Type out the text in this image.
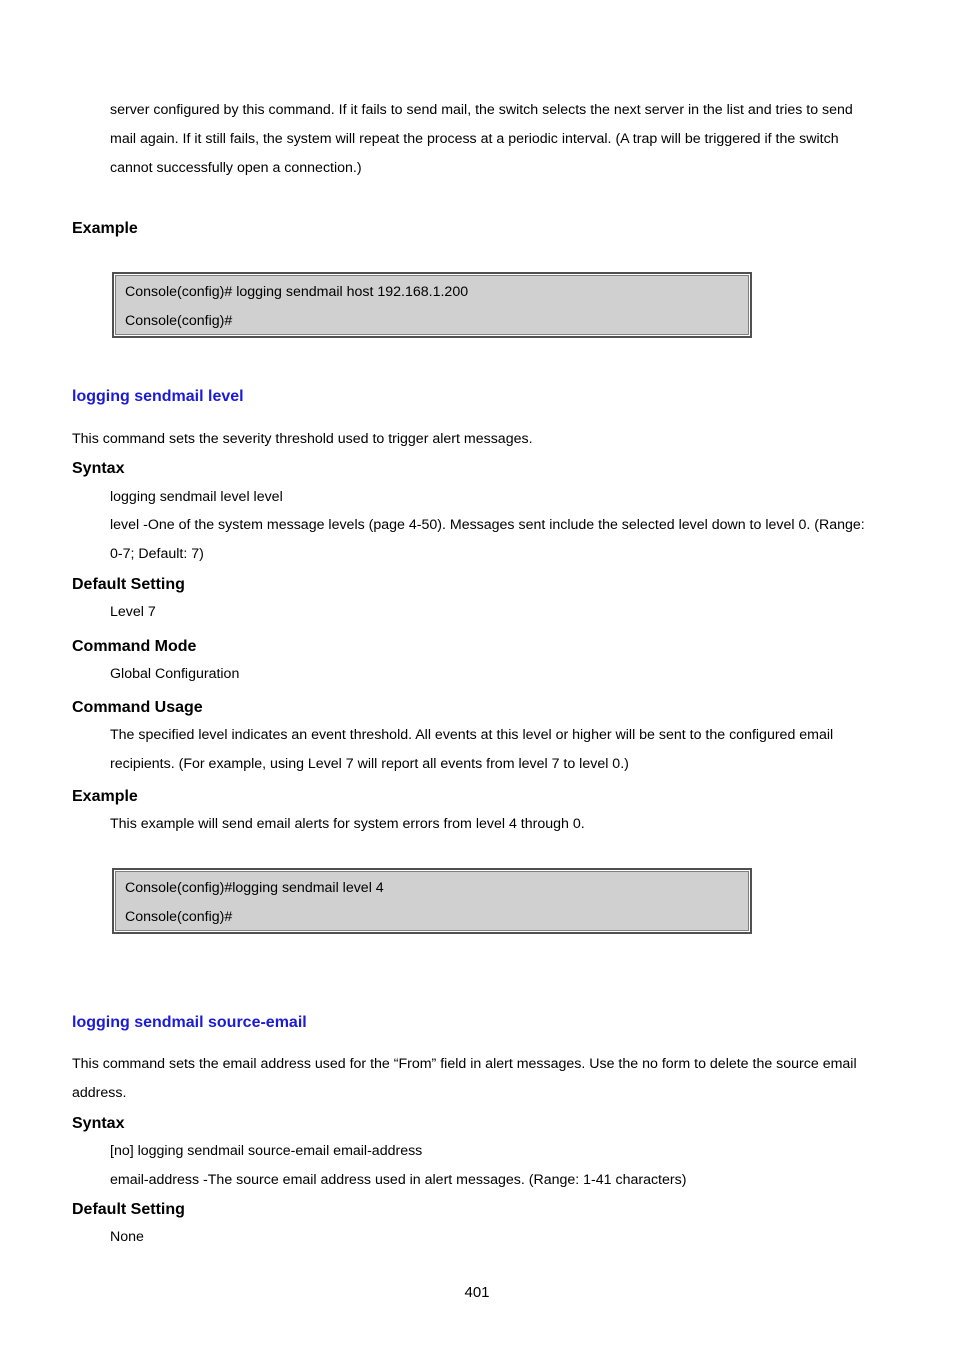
server configured by this command. If it fails to send mail, the switch selects the next server in the list and tries to send
mail again. If it still fails, the system will repeat the process at a periodic interval. (A trap will be triggered if the switch
cannot successfully open a connection.)
Example
Console(config)# logging sendmail host 192.168.1.200
Console(config)#
logging sendmail level
This command sets the severity threshold used to trigger alert messages.
Syntax
logging sendmail level level
level -One of the system message levels (page 4-50). Messages sent include the selected level down to level 0. (Range:
0-7; Default: 7)
Default Setting
Level 7
Command Mode
Global Configuration
Command Usage
The specified level indicates an event threshold. All events at this level or higher will be sent to the configured email
recipients. (For example, using Level 7 will report all events from level 7 to level 0.)
Example
This example will send email alerts for system errors from level 4 through 0.
Console(config)#logging sendmail level 4
Console(config)#
logging sendmail source-email
This command sets the email address used for the “From” field in alert messages. Use the no form to delete the source email
address.
Syntax
[no] logging sendmail source-email email-address
email-address -The source email address used in alert messages. (Range: 1-41 characters)
Default Setting
None
401
